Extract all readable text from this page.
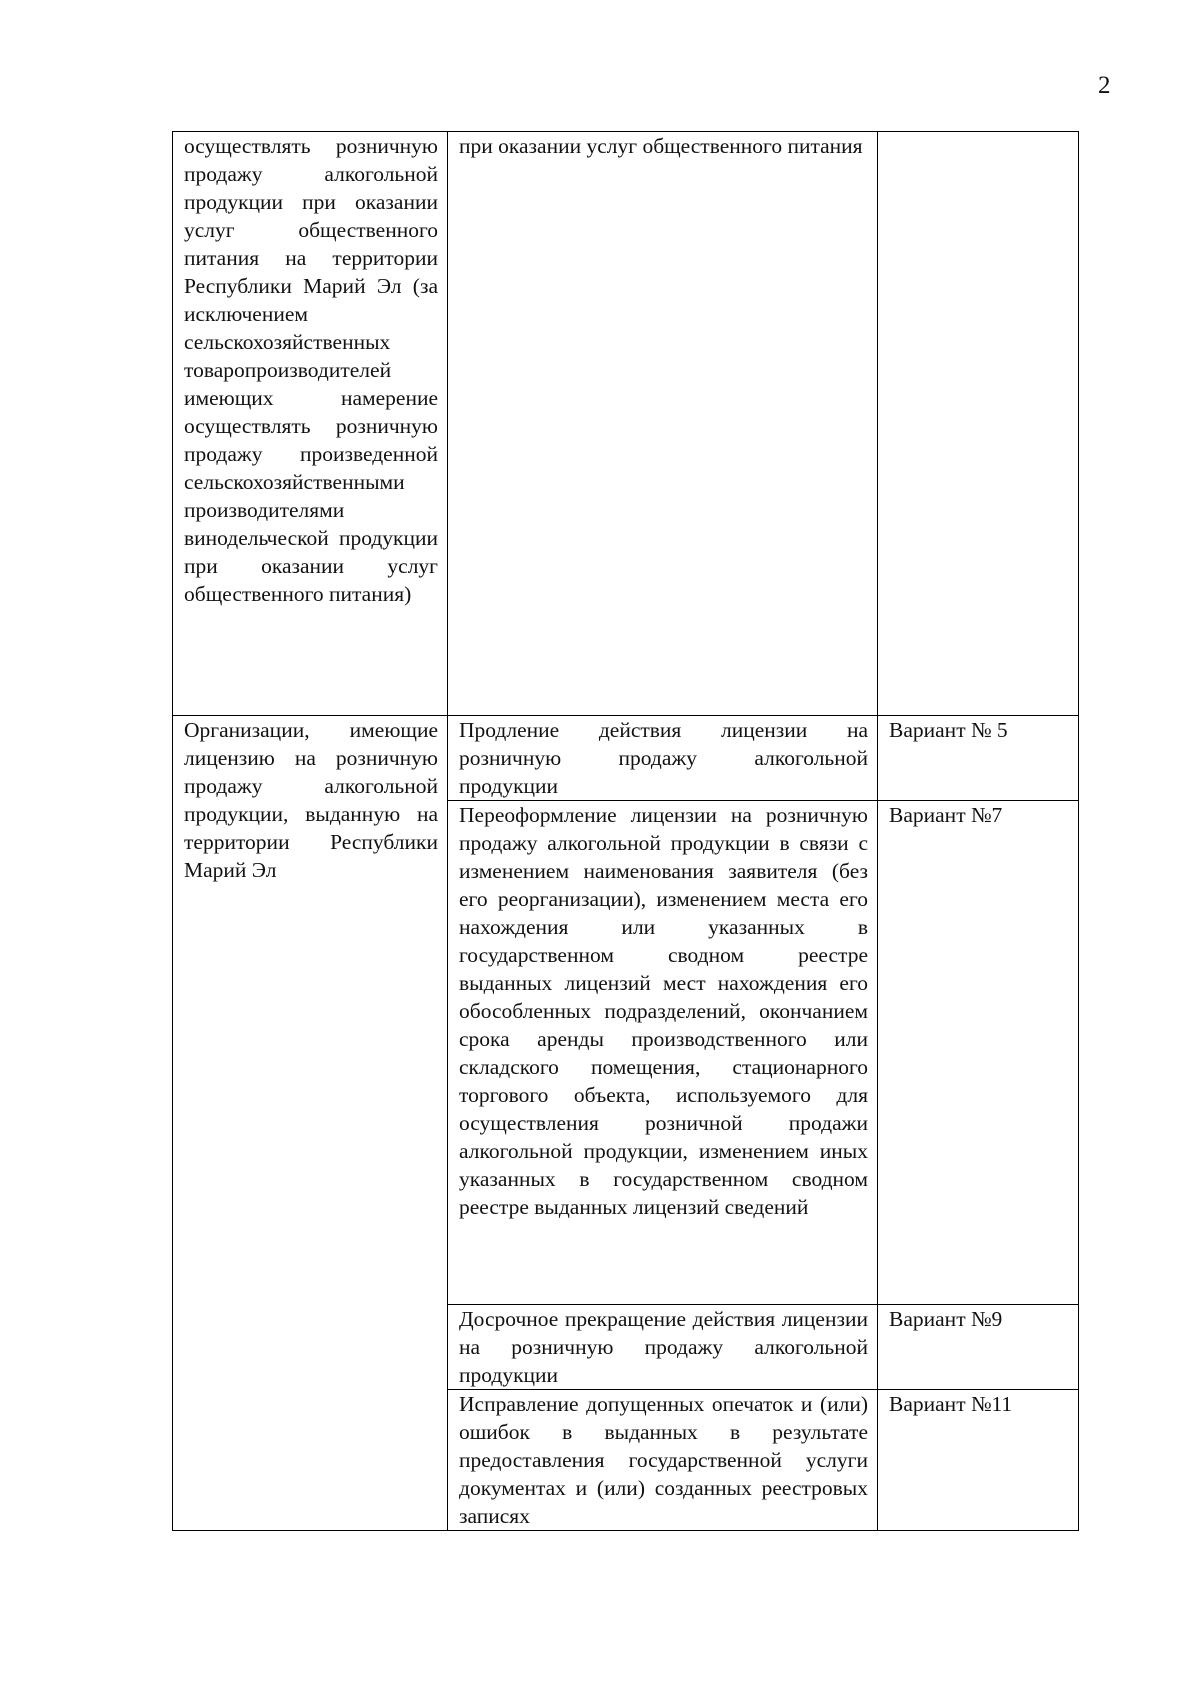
2
осуществлять розничную продажу алкогольной продукции при оказании услуг общественного питания на территории Республики Марий Эл (за исключением сельскохозяйственных товаропроизводителей имеющих намерение осуществлять розничную продажу произведенной сельскохозяйственными производителями винодельческой продукции при оказании услуг общественного питания)	при оказании услуг общественного питания	
Организации, имеющие лицензию на розничную продажу алкогольной продукции, выданную на территории Республики Марий Эл	Продление действия лицензии на розничную продажу алкогольной продукции	Вариант № 5
	Переоформление лицензии на розничную продажу алкогольной продукции в связи с изменением наименования заявителя (без его реорганизации), изменением места его нахождения или указанных в государственном сводном реестре выданных лицензий мест нахождения его обособленных подразделений, окончанием срока аренды производственного или складского помещения, стационарного торгового объекта, используемого для осуществления розничной продажи алкогольной продукции, изменением иных указанных в государственном сводном реестре выданных лицензий сведений	Вариант №7
	Досрочное прекращение действия лицензии на розничную продажу алкогольной продукции	Вариант №9
	Исправление допущенных опечаток и (или) ошибок в выданных в результате предоставления государственной услуги документах и (или) созданных реестровых записях	Вариант №11
